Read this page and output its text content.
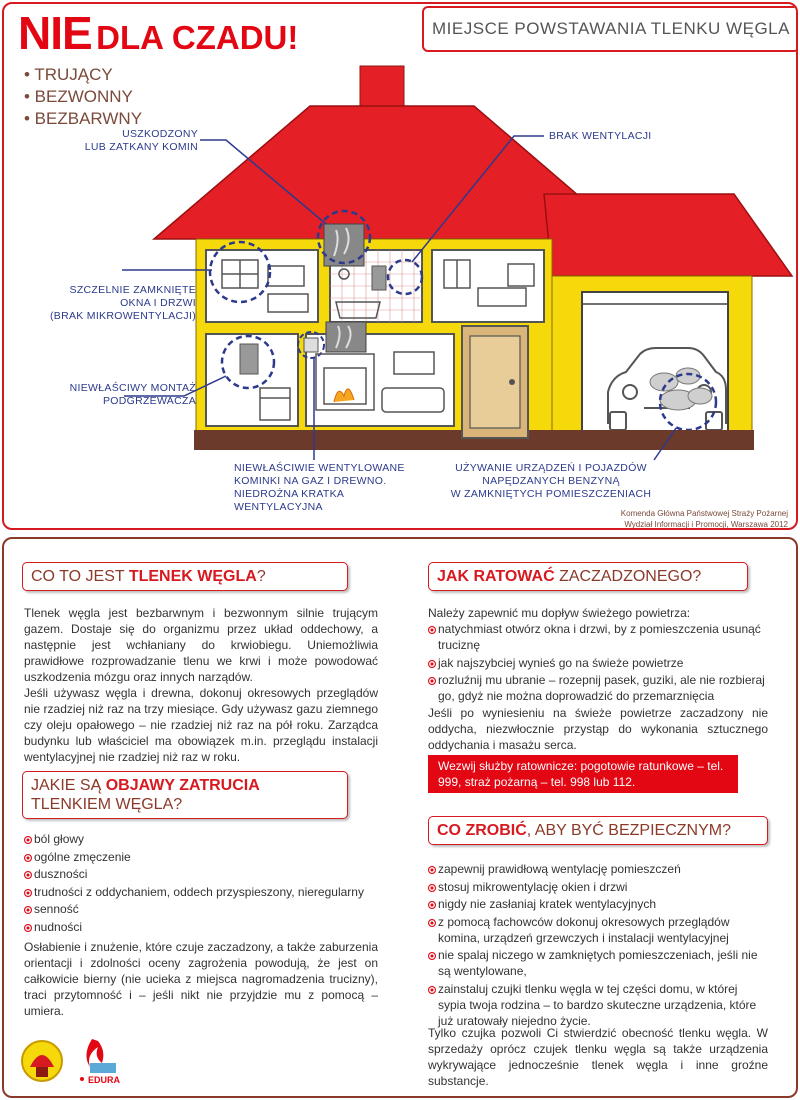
NIE DLA CZADU!	MIEJSCE POWSTAWANIA TLENKU WĘGLA
• TRUJĄCY
• BEZWONNY
• BEZBARWNY
USZKODZONY
LUB ZATKANY KOMIN
BRAK WENTYLACJI
SZCZELNIE ZAMKNIĘTE
OKNA I DRZWI
(BRAK MIKROWENTYLACJI)
NIEWŁAŚCIWY MONTAŻ
PODGRZEWACZA
NIEWŁAŚCIWIE WENTYLOWANE
KOMINKI NA GAZ I DREWNO.
NIEDROŻNA KRATKA
WENTYLACYJNA
UŻYWANIE URZĄDZEŃ I POJAZDÓW
NAPĘDZANYCH BENZYNĄ
W ZAMKNIĘTYCH POMIESZCZENIACH
Komenda Główna Państwowej Straży Pożarnej
Wydział Informacji i Promocji, Warszawa 2012
CO TO JEST TLENEK WĘGLA?
Tlenek węgla jest bezbarwnym i bezwonnym silnie trującym gazem. Dostaje się do organizmu przez układ oddechowy, a następnie jest wchłaniany do krwiobiegu. Uniemożliwia prawidłowe rozprowadzanie tlenu we krwi i może powodować uszkodzenia mózgu oraz innych narządów.
Jeśli używasz węgla i drewna, dokonuj okresowych przeglądów nie rzadziej niż raz na trzy miesiące. Gdy używasz gazu ziemnego czy oleju opałowego – nie rzadziej niż raz na pół roku. Zarządca budynku lub właściciel ma obowiązek m.in. przeglądu instalacji wentylacyjnej nie rzadziej niż raz w roku.
JAKIE SĄ OBJAWY ZATRUCIA
TLENKIEM WĘGLA?
ból głowy
ogólne zmęczenie
duszności
trudności z oddychaniem, oddech przyspieszony, nieregularny
senność
nudności
Osłabienie i znużenie, które czuje zaczadzony, a także zaburzenia orientacji i zdolności oceny zagrożenia powodują, że jest on całkowicie bierny (nie ucieka z miejsca nagromadzenia trucizny), traci przytomność i – jeśli nikt nie przyjdzie mu z pomocą – umiera.
JAK RATOWAĆ ZACZADZONEGO?
Należy zapewnić mu dopływ świeżego powietrza:
natychmiast otwórz okna i drzwi, by z pomieszczenia usunąć truciznę
jak najszybciej wynieś go na świeże powietrze
rozluźnij mu ubranie – rozepnij pasek, guziki, ale nie rozbieraj go, gdyż nie można doprowadzić do przemarznięcia
Jeśli po wyniesieniu na świeże powietrze zaczadzony nie oddycha, niezwłocznie przystąp do wykonania sztucznego oddychania i masażu serca.
Wezwij służby ratownicze: pogotowie ratunkowe – tel. 999, straż pożarną – tel. 998 lub 112.
CO ZROBIĆ, ABY BYĆ BEZPIECZNYM?
zapewnij prawidłową wentylację pomieszczeń
stosuj mikrowentylację okien i drzwi
nigdy nie zasłaniaj kratek wentylacyjnych
z pomocą fachowców dokonuj okresowych przeglądów komina, urządzeń grzewczych i instalacji wentylacyjnej
nie spalaj niczego w zamkniętych pomieszczeniach, jeśli nie są wentylowane,
zainstaluj czujki tlenku węgla w tej części domu, w której sypia twoja rodzina – to bardzo skuteczne urządzenia, które już uratowały niejedno życie.
Tylko czujka pozwoli Ci stwierdzić obecność tlenku węgla. W sprzedaży oprócz czujek tlenku węgla są także urządzenia wykrywające jednocześnie tlenek węgla i inne groźne substancje.
EDURA
